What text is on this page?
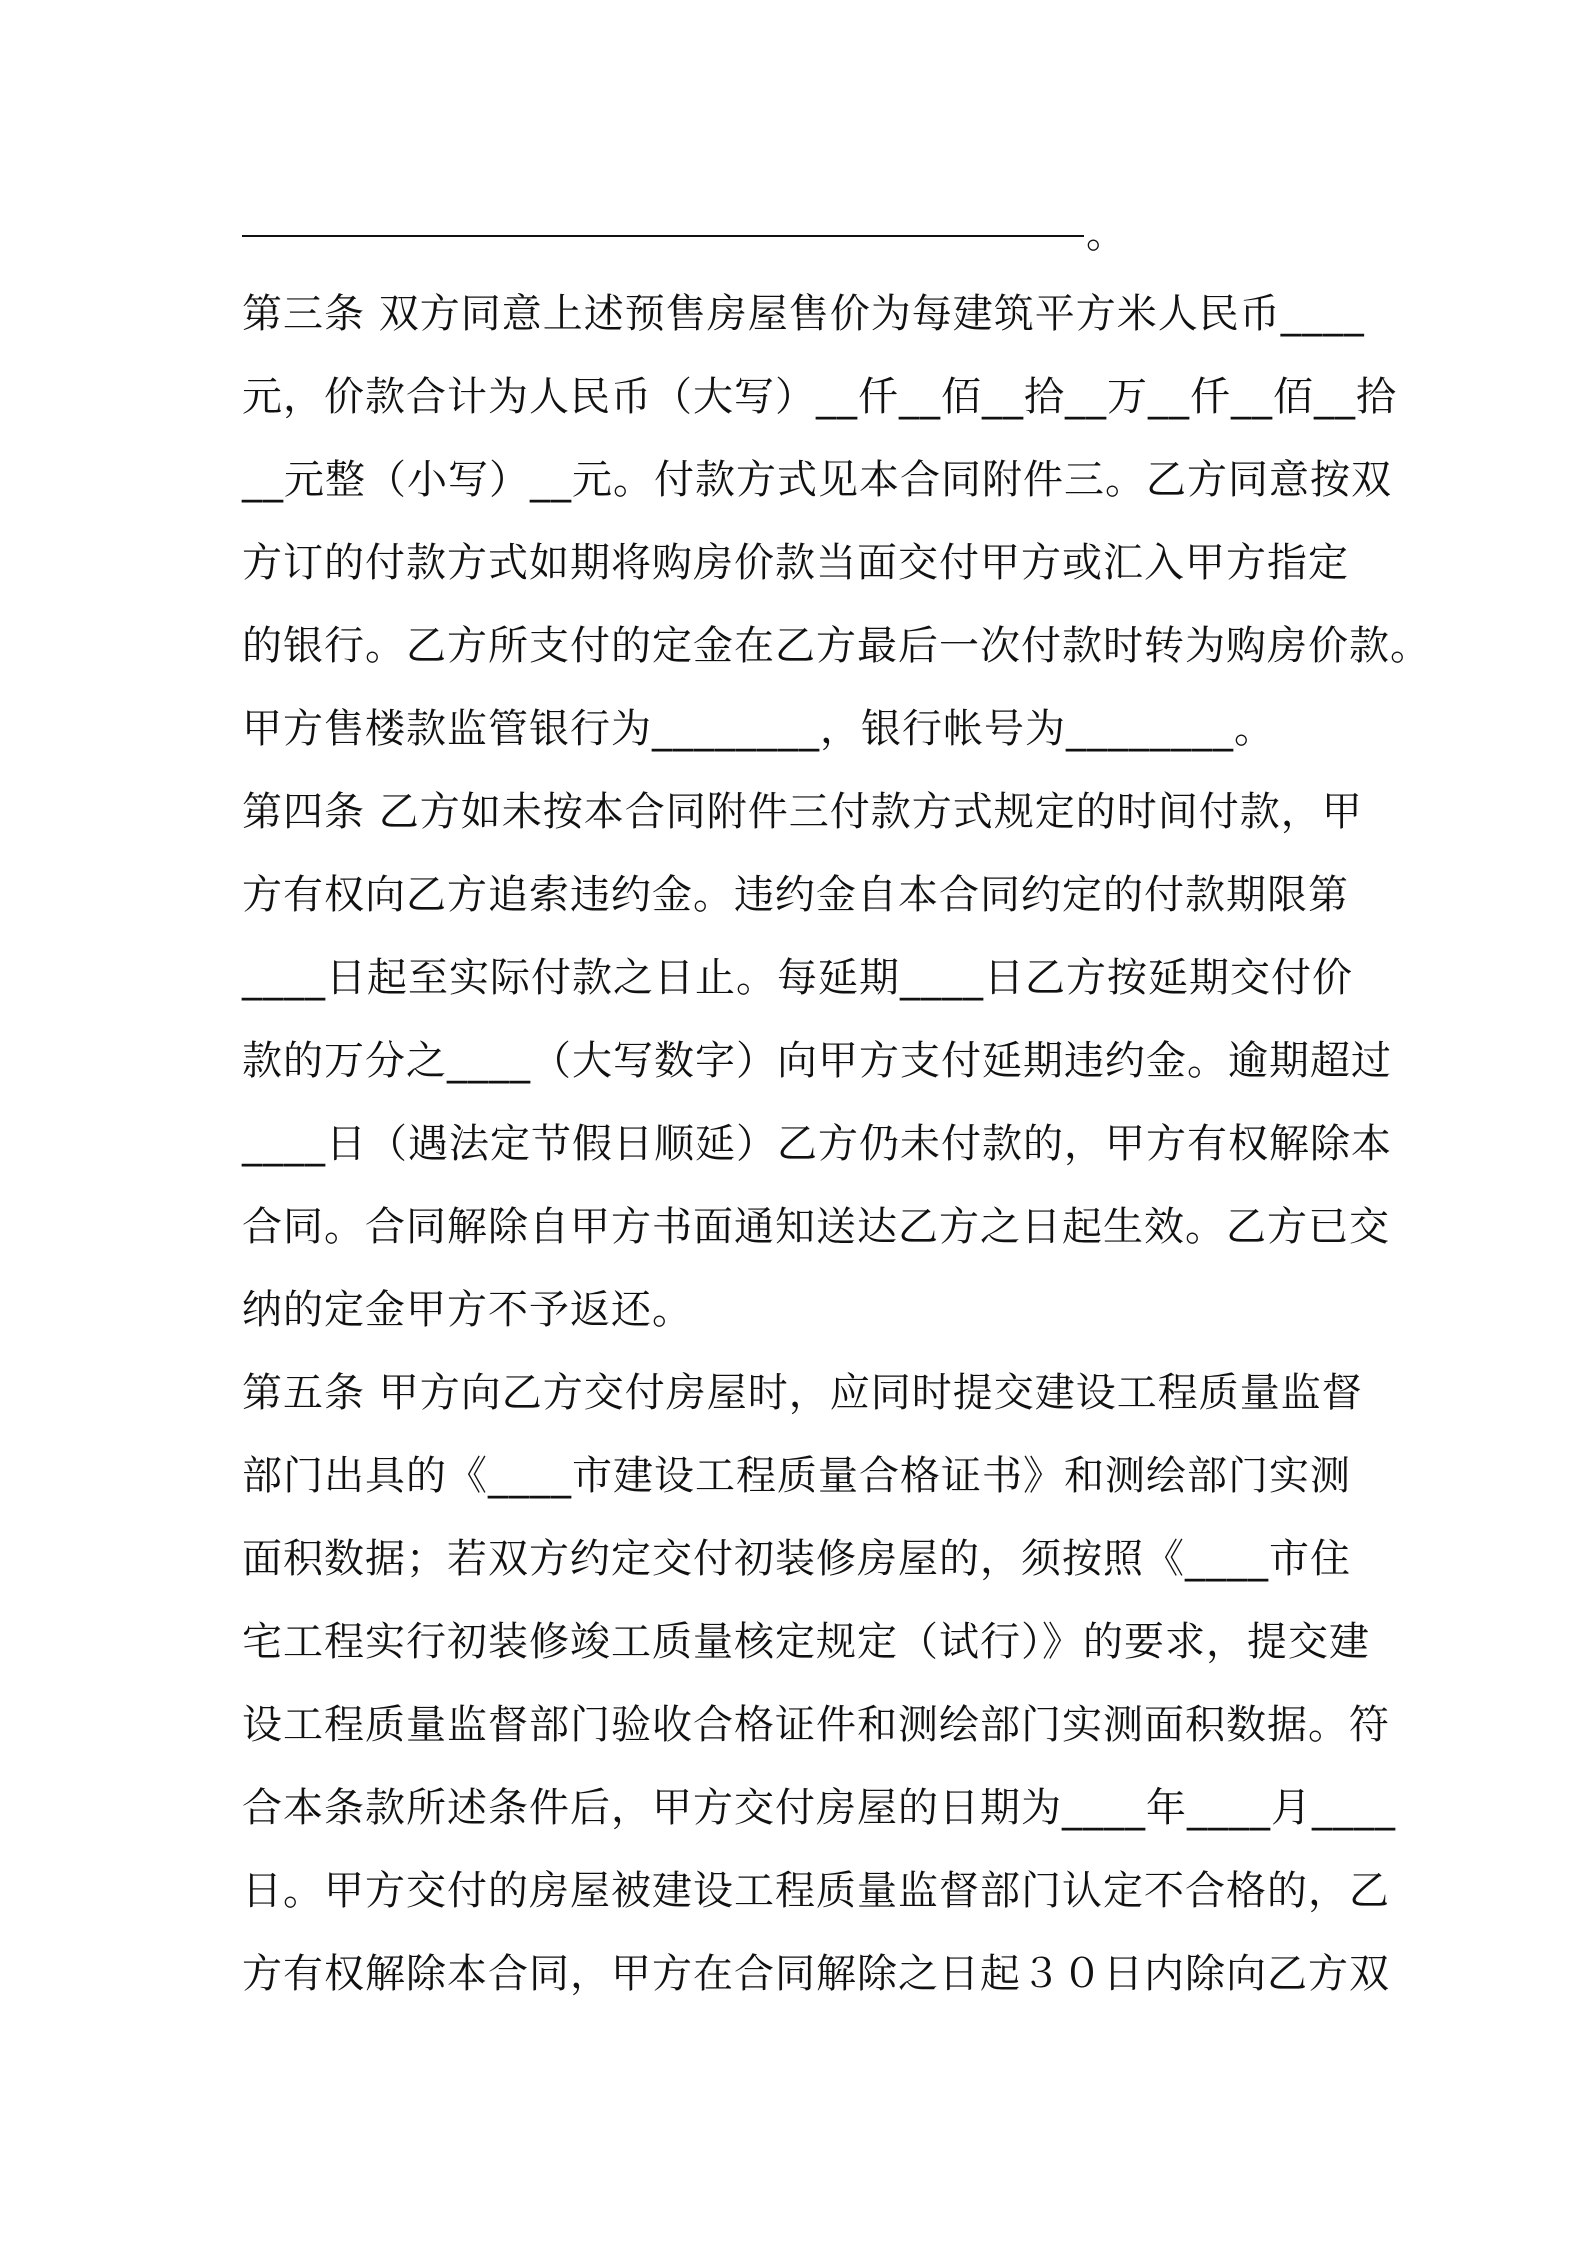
。
第三条 双方同意上述预售房屋售价为每建筑平方米人民币____
元，价款合计为人民币（大写）__仟__佰__拾__万__仟__佰__拾
__元整（小写）__元。付款方式见本合同附件三。乙方同意按双
方订的付款方式如期将购房价款当面交付甲方或汇入甲方指定
的银行。乙方所支付的定金在乙方最后一次付款时转为购房价款。
甲方售楼款监管银行为________，银行帐号为________。
第四条 乙方如未按本合同附件三付款方式规定的时间付款，甲
方有权向乙方追索违约金。违约金自本合同约定的付款期限第
____日起至实际付款之日止。每延期____日乙方按延期交付价
款的万分之____（大写数字）向甲方支付延期违约金。逾期超过
____日（遇法定节假日顺延）乙方仍未付款的，甲方有权解除本
合同。合同解除自甲方书面通知送达乙方之日起生效。乙方已交
纳的定金甲方不予返还。
第五条 甲方向乙方交付房屋时，应同时提交建设工程质量监督
部门出具的《____市建设工程质量合格证书》和测绘部门实测
面积数据；若双方约定交付初装修房屋的，须按照《____市住
宅工程实行初装修竣工质量核定规定（试行）》的要求，提交建
设工程质量监督部门验收合格证件和测绘部门实测面积数据。符
合本条款所述条件后，甲方交付房屋的日期为____年____月____
日。甲方交付的房屋被建设工程质量监督部门认定不合格的，乙
方有权解除本合同，甲方在合同解除之日起３０日内除向乙方双
